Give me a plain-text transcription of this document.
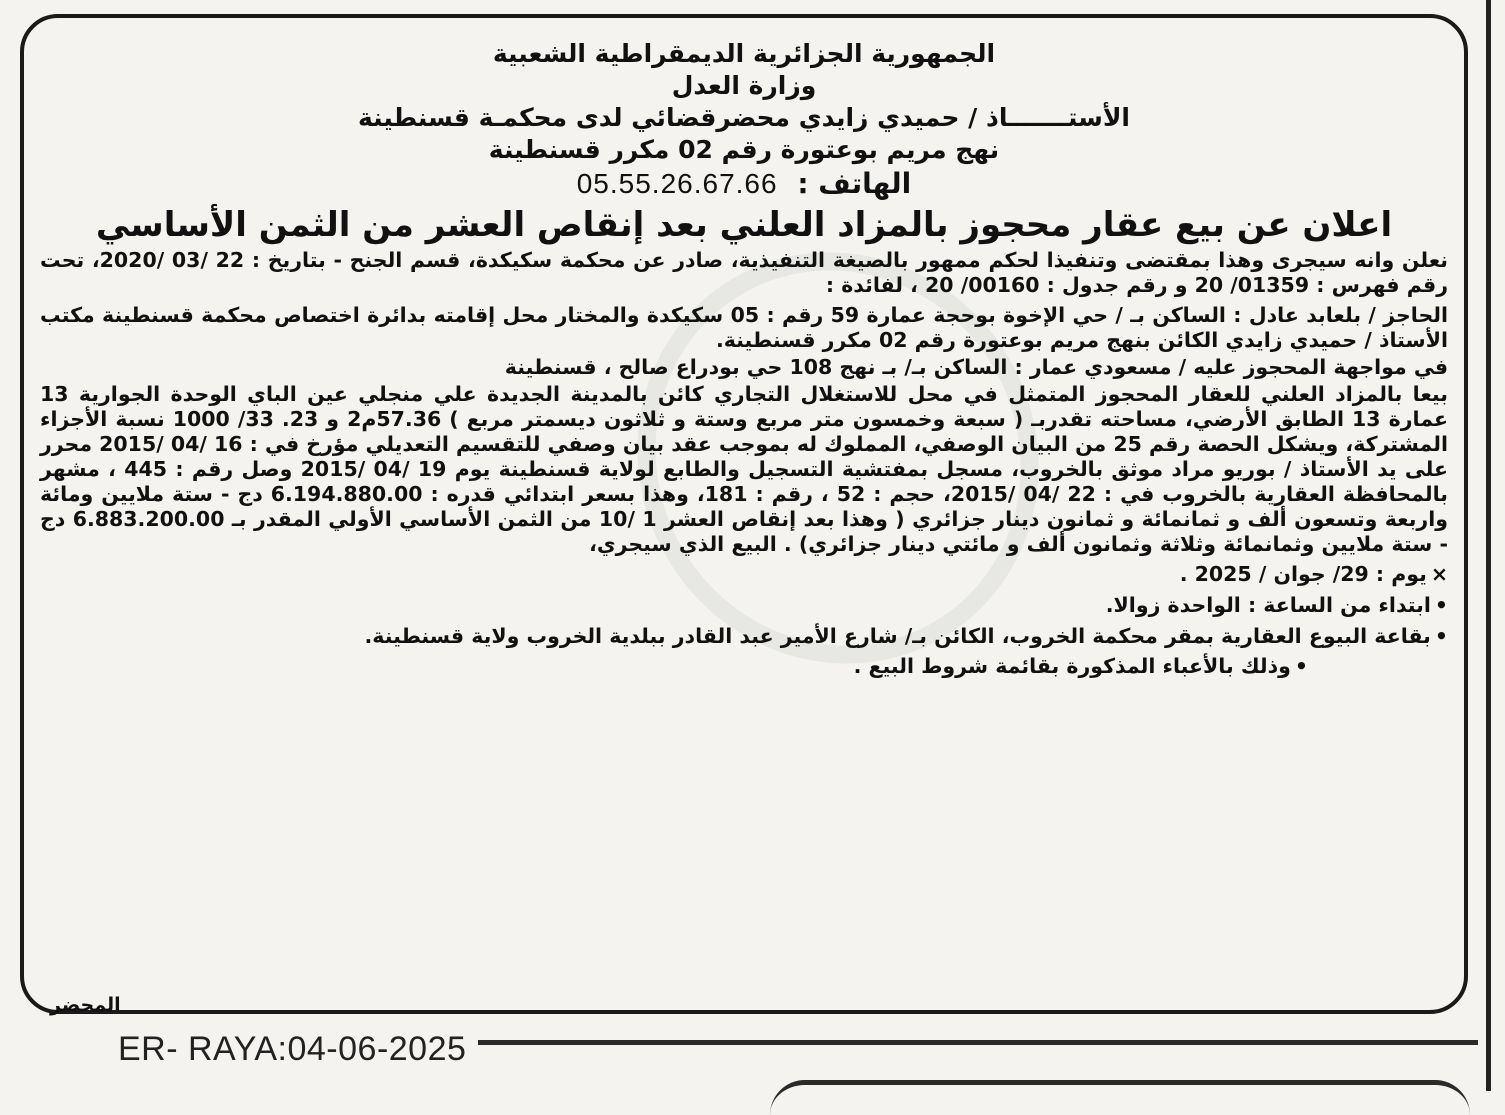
الجمهورية الجزائرية الديمقراطية الشعبية

وزارة العدل

الأستـــــــاذ / حميدي زايدي محضرقضائي لدى محكمـة قسنطينة

نهج مريم بوعتورة رقم 02 مكرر قسنطينة

الهاتف : 05.55.26.67.66

اعلان عن بيع عقار محجوز بالمزاد العلني بعد إنقاص العشر من الثمن الأساسي

نعلن وانه سيجرى وهذا بمقتضى وتنفيذا لحكم ممهور بالصيغة التنفيذية، صادر عن محكمة سكيكدة، قسم الجنح - بتاريخ : 22 /03 /2020، تحت رقم فهرس : 01359/ 20 و رقم جدول : 00160/ 20 ، لفائدة :

الحاجز / بلعابد عادل : الساكن بـ / حي الإخوة بوحجة عمارة 59 رقم : 05 سكيكدة والمختار محل إقامته بدائرة اختصاص محكمة قسنطينة مكتب الأستاذ / حميدي زايدي الكائن بنهج مريم بوعتورة رقم 02 مكرر قسنطينة.

في مواجهة المحجوز عليه / مسعودي عمار : الساكن بـ/ بـ نهج 108 حي بودراع صالح ، قسنطينة

بيعا بالمزاد العلني للعقار المحجوز المتمثل في محل للاستغلال التجاري كائن بالمدينة الجديدة علي منجلي عين الباي الوحدة الجوارية 13 عمارة 13 الطابق الأرضي، مساحته تقدربـ ( سبعة وخمسون متر مربع وستة و ثلاثون ديسمتر مربع ) 57.36م2 و 23. 33/ 1000 نسبة الأجزاء المشتركة، ويشكل الحصة رقم 25 من البيان الوصفي، المملوك له بموجب عقد بيان وصفي للتقسيم التعديلي مؤرخ في : 16 /04 /2015 محرر على يد الأستاذ / بوريو مراد موثق بالخروب، مسجل بمفتشية التسجيل والطابع لولاية قسنطينة يوم 19 /04 /2015 وصل رقم : 445 ، مشهر بالمحافظة العقارية بالخروب في : 22 /04 /2015، حجم : 52 ، رقم : 181، وهذا بسعر ابتدائي قدره : 6.194.880.00 دج - ستة ملايين ومائة واربعة وتسعون ألف و ثمانمائة و ثمانون دينار جزائري ( وهذا بعد إنقاص العشر 1 /10 من الثمن الأساسي الأولي المقدر بـ 6.883.200.00 دج - ستة ملايين وثمانمائة وثلاثة وثمانون ألف و مائتي دينار جزائري) . البيع الذي سيجري،

×يوم : 29/ جوان / 2025 .

•ابتداء من الساعة : الواحدة زوالا.

•بقاعة البيوع العقارية بمقر محكمة الخروب، الكائن بـ/ شارع الأمير عبد القادر ببلدية الخروب ولاية قسنطينة.

•وذلك بالأعباء المذكورة بقائمة شروط البيع .

المحضر
ER- RAYA:04-06-2025
